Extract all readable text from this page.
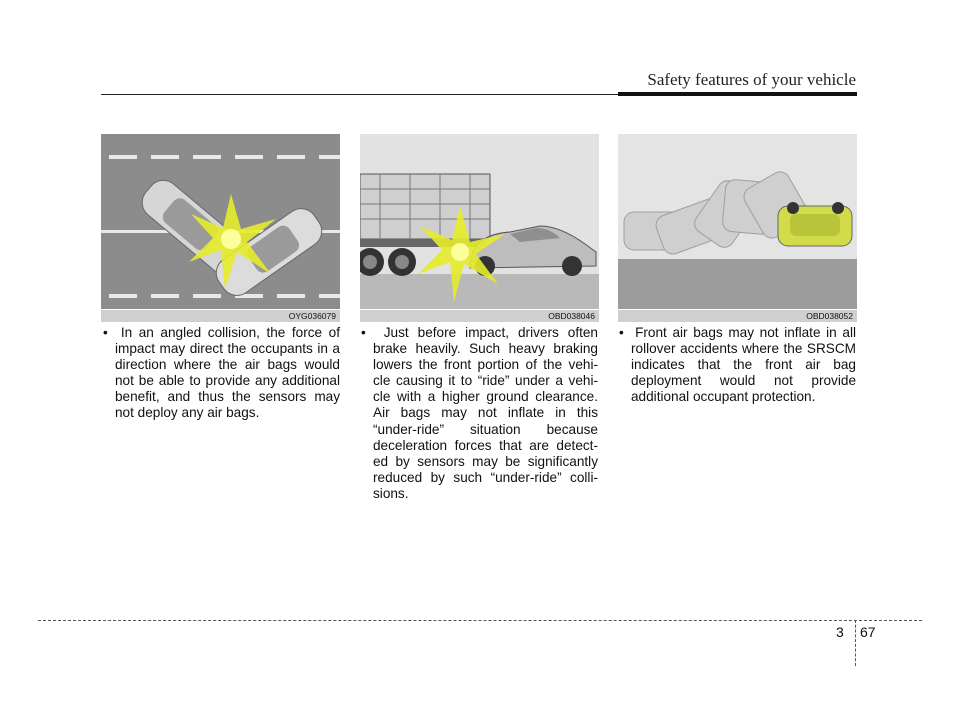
Safety features of your vehicle
OYG036079	OBD038046	OBD038052
•  In an angled collision, the force of impact may direct the occupants in a direction where the air bags would not be able to provide any additional benefit, and thus the sensors may not deploy any air bags.
•  Just before impact, drivers often brake heavily. Such heavy braking lowers the front portion of the vehi-cle causing it to “ride” under a vehi-cle with a higher ground clearance. Air bags may not inflate in this “under-ride” situation because deceleration forces that are detect-ed by sensors may be significantly reduced by such “under-ride” colli-sions.
•  Front air bags may not inflate in all rollover accidents where the SRSCM indicates that the front air bag deployment would not provide additional occupant protection.
3 67
